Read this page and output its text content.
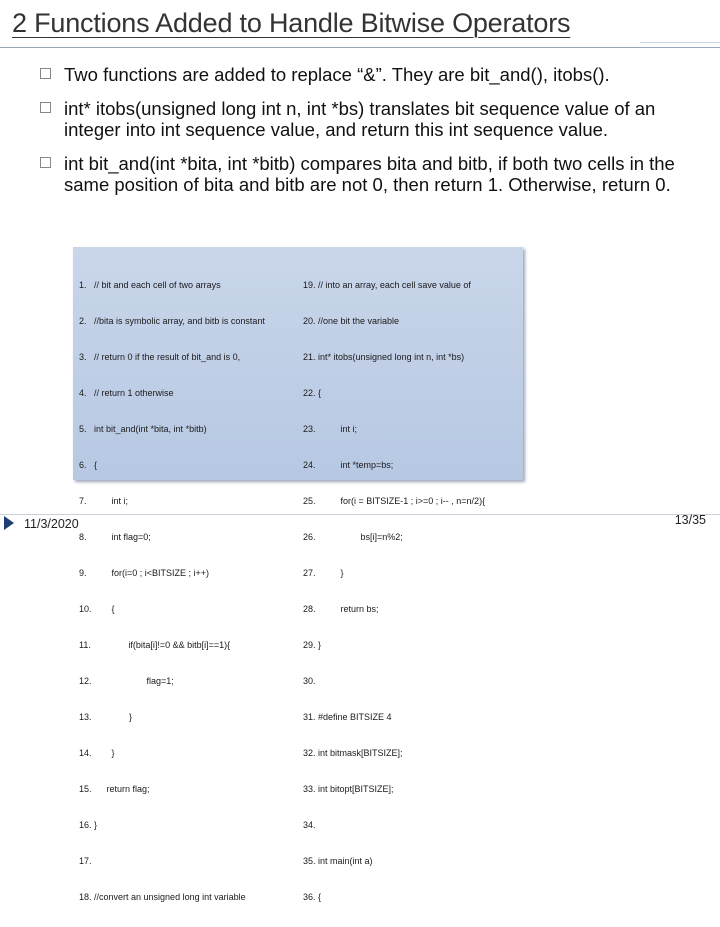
2 Functions Added to Handle Bitwise Operators
Two functions are added to replace “&”. They are bit_and(), itobs().
int* itobs(unsigned long int n, int *bs) translates bit sequence value of an integer into int sequence value, and return this int sequence value.
int bit_and(int *bita, int *bitb) compares bita and bitb, if both two cells in the same position of bita and bitb are not 0, then return 1. Otherwise, return 0.

1.   // bit and each cell of two arrays

2.   //bita is symbolic array, and bitb is constant

3.   // return 0 if the result of bit_and is 0,

4.   // return 1 otherwise

5.   int bit_and(int *bita, int *bitb)

6.   {

7.          int i;

8.          int flag=0;

9.          for(i=0 ; i<BITSIZE ; i++)

10.        {

11.               if(bita[i]!=0 && bitb[i]==1){

12.                      flag=1;

13.               }

14.        }

15.      return flag;

16. }

17.

18. //convert an unsigned long int variable

19. // into an array, each cell save value of

20. //one bit the variable

21. int* itobs(unsigned long int n, int *bs)

22. {

23.          int i;

24.          int *temp=bs;

25.          for(i = BITSIZE-1 ; i>=0 ; i-- , n=n/2){

26.                  bs[i]=n%2;

27.          }

28.          return bs;

29. }

30.

31. #define BITSIZE 4

32. int bitmask[BITSIZE];

33. int bitopt[BITSIZE];

34.

35. int main(int a)

36. {

11/3/2020	13/35
